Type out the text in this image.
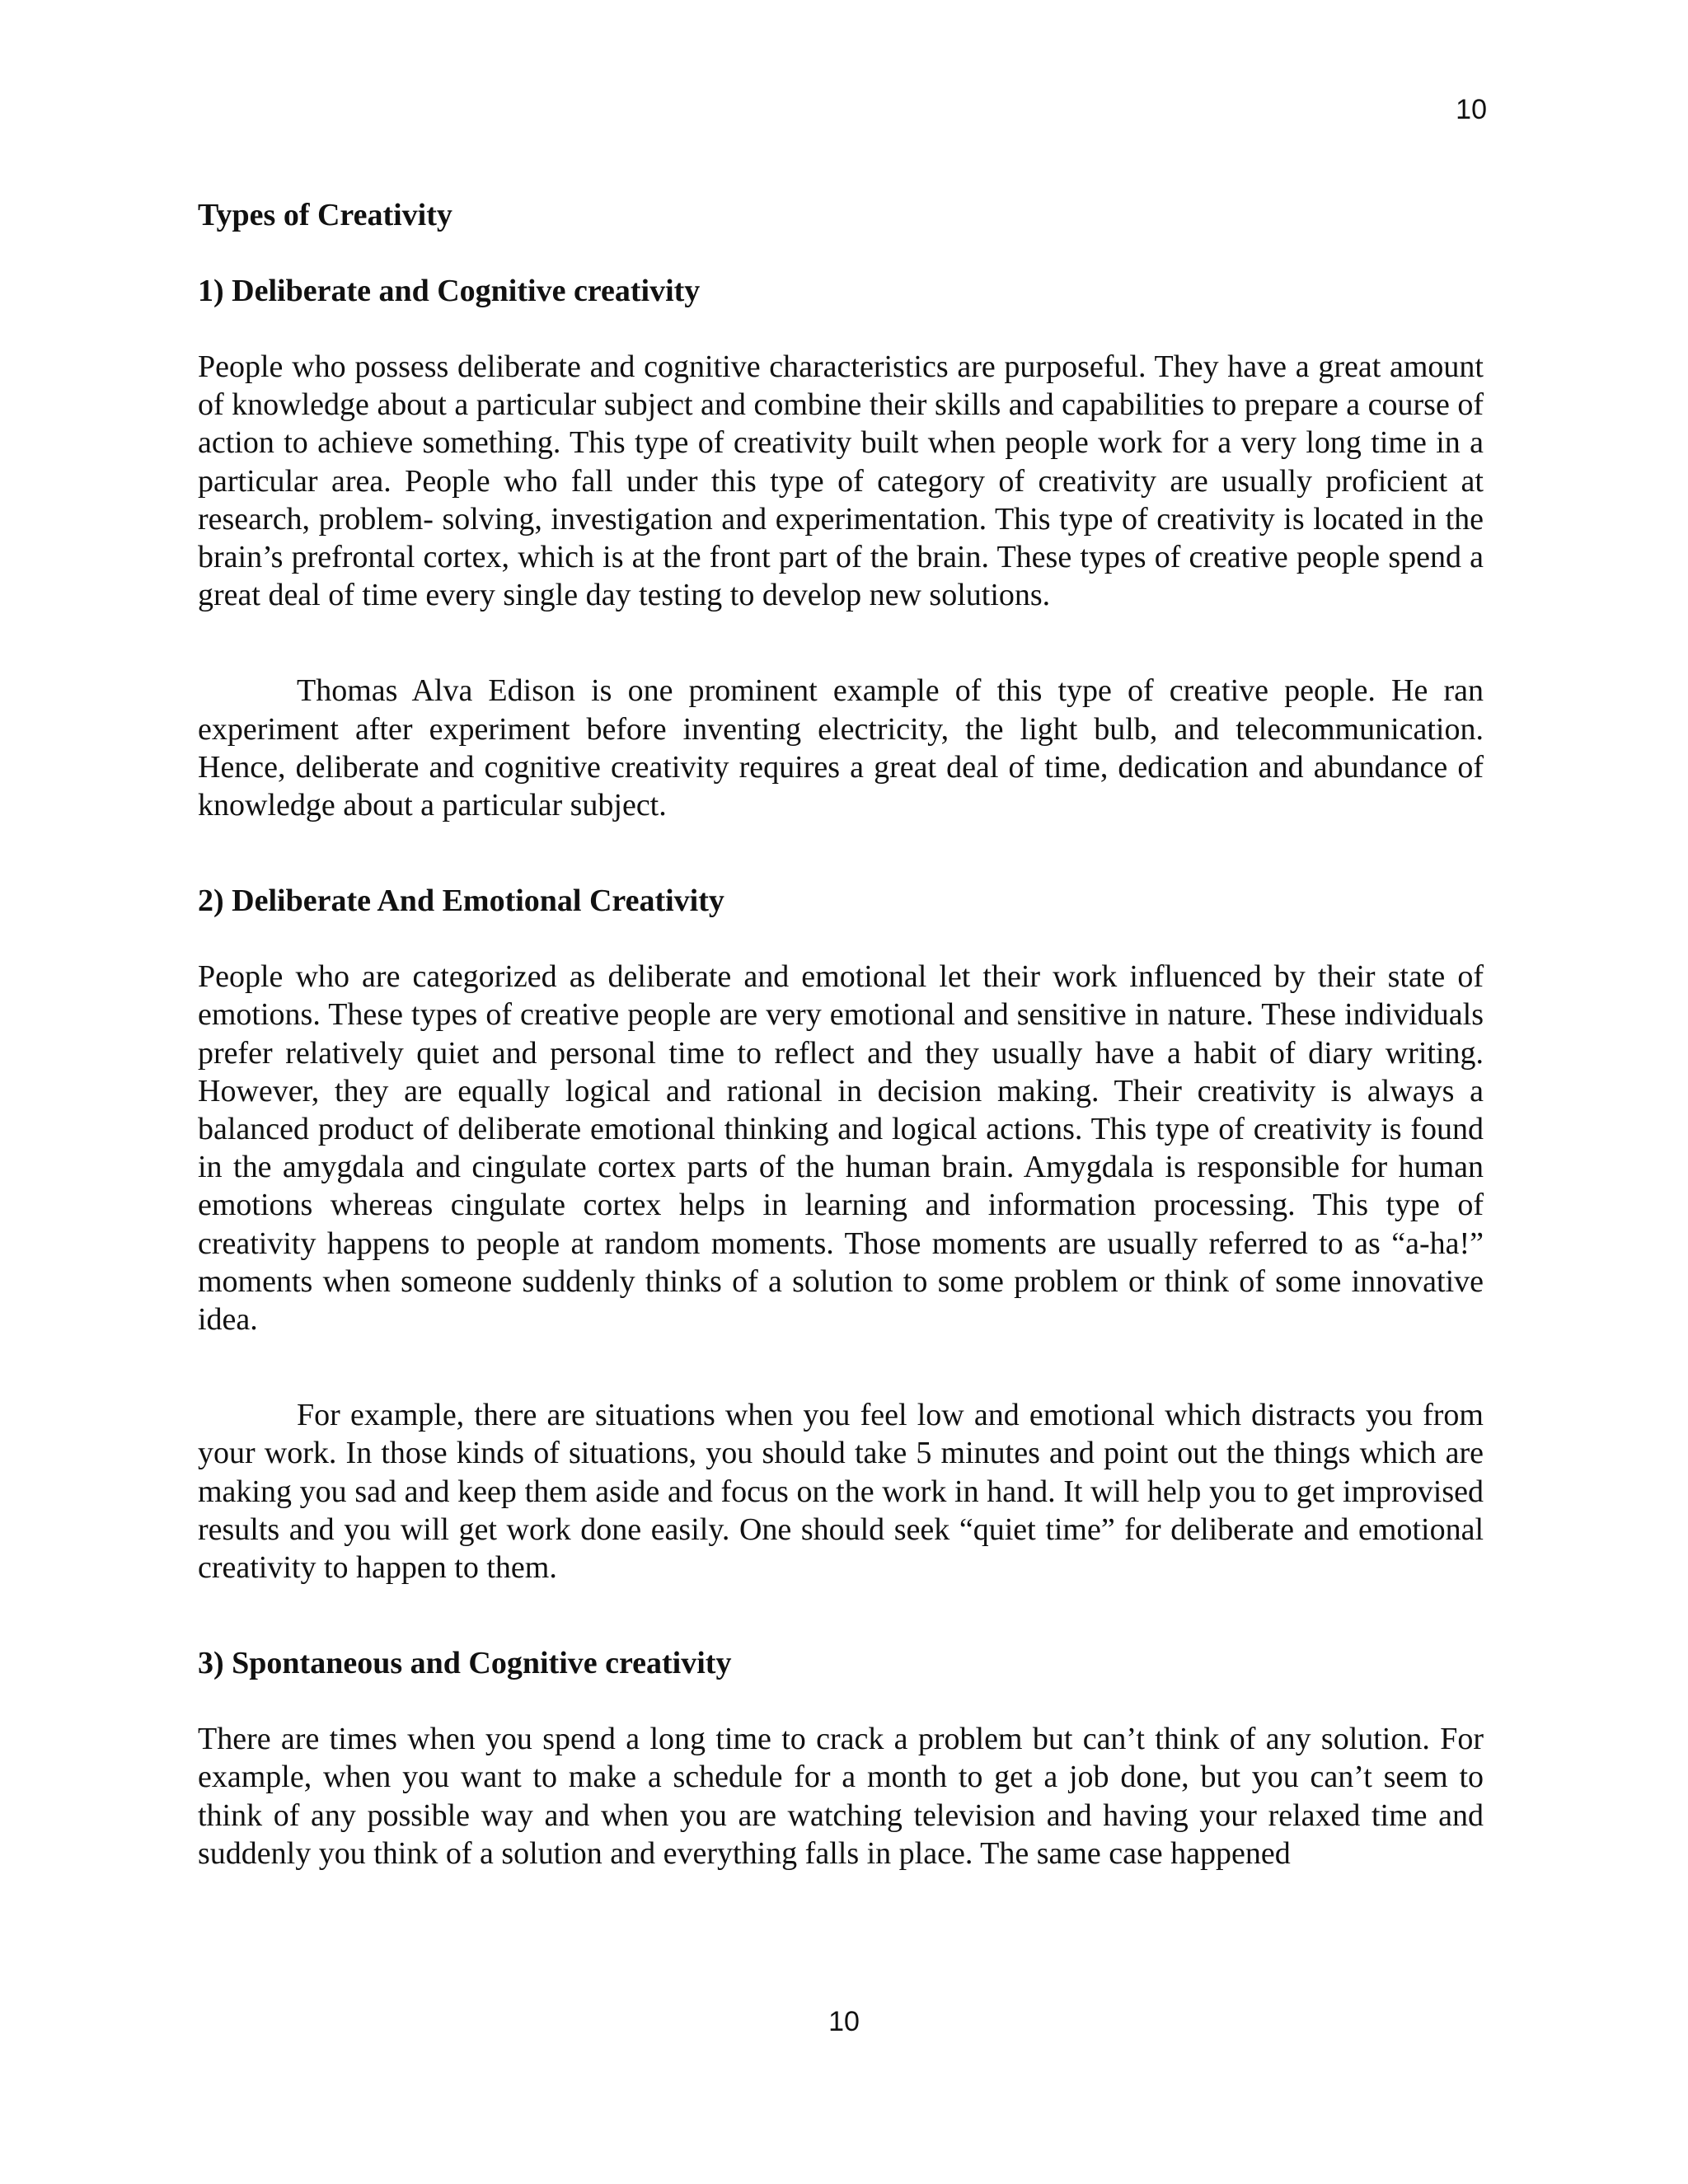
10
Types of Creativity
1) Deliberate and Cognitive creativity

People who possess deliberate and cognitive characteristics are purposeful. They have a great amount of knowledge about a particular subject and combine their skills and capabilities to prepare a course of action to achieve something. This type of creativity built when people work for a very long time in a particular area. People who fall under this type of category of creativity are usually proficient at research, problem- solving, investigation and experimentation. This type of creativity is located in the brain’s prefrontal cortex, which is at the front part of the brain. These types of creative people spend a great deal of time every single day testing to develop new solutions.

Thomas Alva Edison is one prominent example of this type of creative people. He ran experiment after experiment before inventing electricity, the light bulb, and telecommunication. Hence, deliberate and cognitive creativity requires a great deal of time, dedication and abundance of knowledge about a particular subject.

2) Deliberate And Emotional Creativity

People who are categorized as deliberate and emotional let their work influenced by their state of emotions. These types of creative people are very emotional and sensitive in nature. These individuals prefer relatively quiet and personal time to reflect and they usually have a habit of diary writing. However, they are equally logical and rational in decision making. Their creativity is always a balanced product of deliberate emotional thinking and logical actions. This type of creativity is found in the amygdala and cingulate cortex parts of the human brain. Amygdala is responsible for human emotions whereas cingulate cortex helps in learning and information processing. This type of creativity happens to people at random moments. Those moments are usually referred to as “a-ha!” moments when someone suddenly thinks of a solution to some problem or think of some innovative idea.

For example, there are situations when you feel low and emotional which distracts you from your work. In those kinds of situations, you should take 5 minutes and point out the things which are making you sad and keep them aside and focus on the work in hand. It will help you to get improvised results and you will get work done easily. One should seek “quiet time” for deliberate and emotional creativity to happen to them.

3) Spontaneous and Cognitive creativity

There are times when you spend a long time to crack a problem but can’t think of any solution. For example, when you want to make a schedule for a month to get a job done, but you can’t seem to think of any possible way and when you are watching television and having your relaxed time and suddenly you think of a solution and everything falls in place. The same case happened

10
